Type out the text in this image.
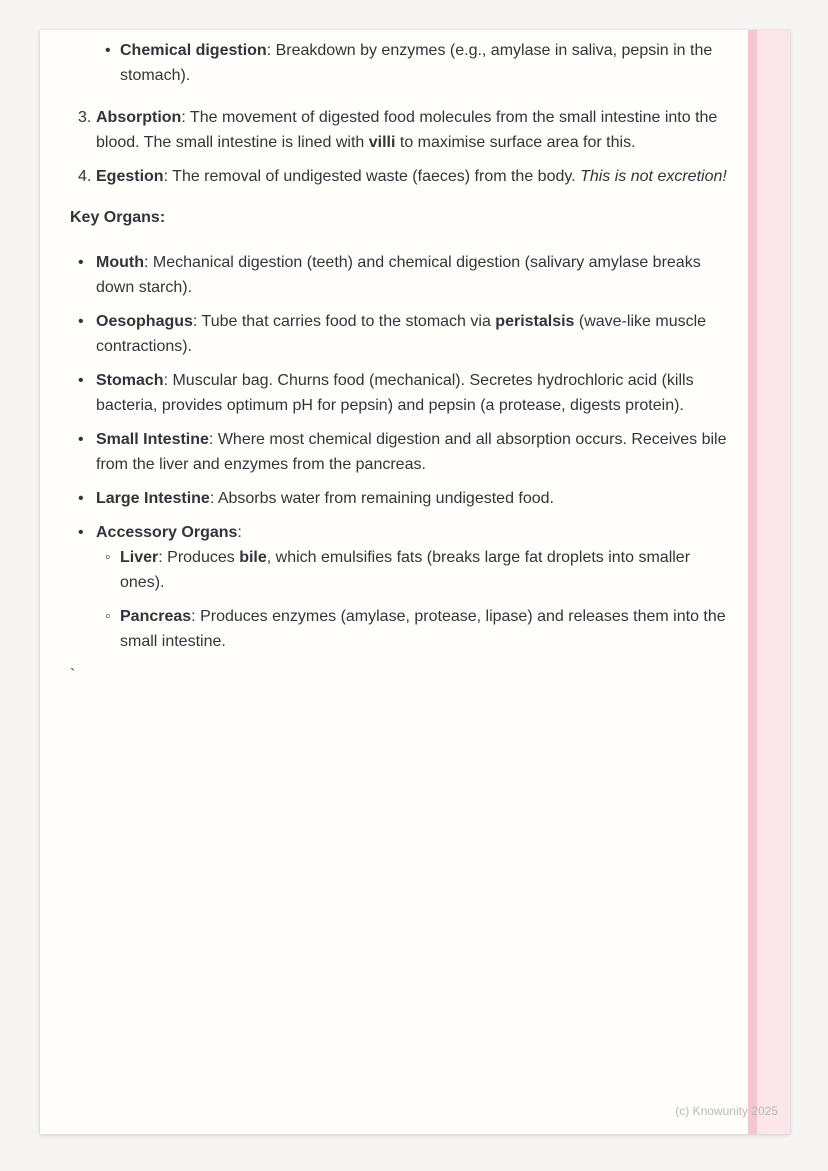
• Chemical digestion: Breakdown by enzymes (e.g., amylase in saliva, pepsin in the stomach).
3. Absorption: The movement of digested food molecules from the small intestine into the blood. The small intestine is lined with villi to maximise surface area for this.
4. Egestion: The removal of undigested waste (faeces) from the body. This is not excretion!
Key Organs:
• Mouth: Mechanical digestion (teeth) and chemical digestion (salivary amylase breaks down starch).
• Oesophagus: Tube that carries food to the stomach via peristalsis (wave-like muscle contractions).
• Stomach: Muscular bag. Churns food (mechanical). Secretes hydrochloric acid (kills bacteria, provides optimum pH for pepsin) and pepsin (a protease, digests protein).
• Small Intestine: Where most chemical digestion and all absorption occurs. Receives bile from the liver and enzymes from the pancreas.
• Large Intestine: Absorbs water from remaining undigested food.
• Accessory Organs:
◦ Liver: Produces bile, which emulsifies fats (breaks large fat droplets into smaller ones).
◦ Pancreas: Produces enzymes (amylase, protease, lipase) and releases them into the small intestine.
`
(c) Knowunity 2025
